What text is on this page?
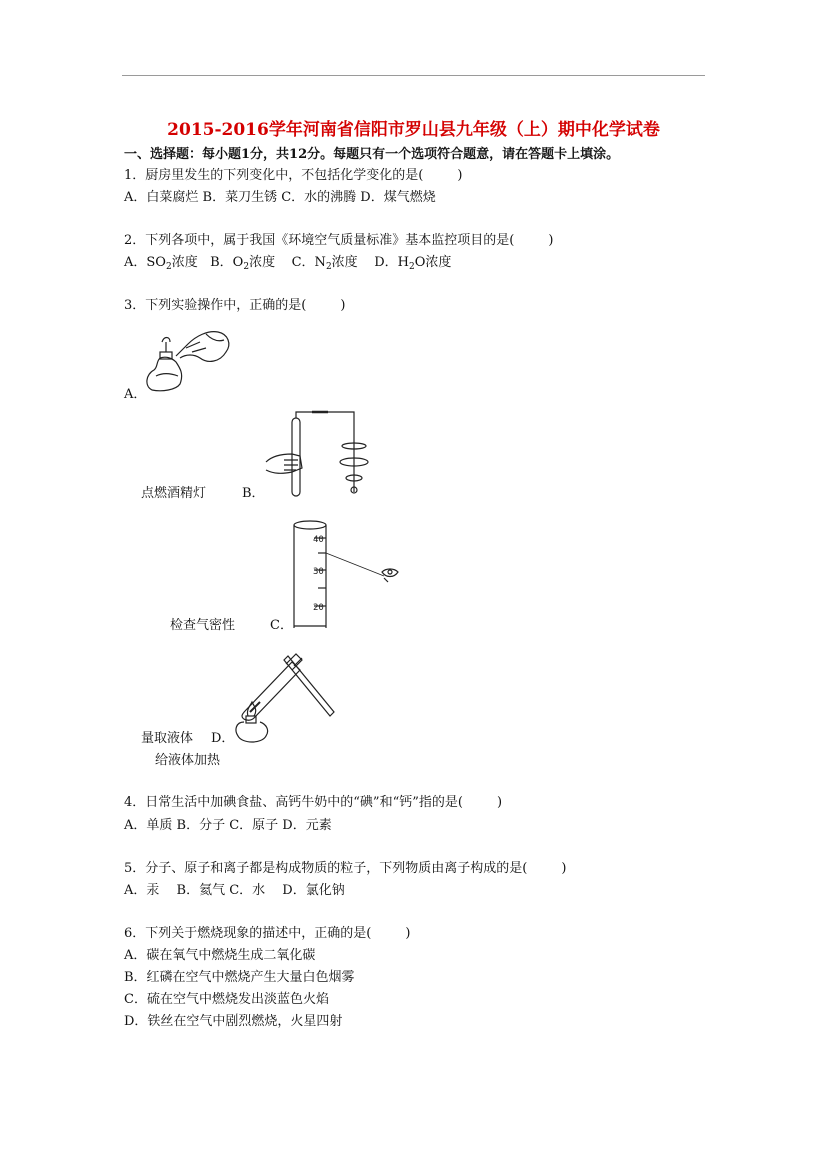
2015-2016学年河南省信阳市罗山县九年级（上）期中化学试卷
一、选择题：每小题1分，共12分。每题只有一个选项符合题意，请在答题卡上填涂。
1．厨房里发生的下列变化中，不包括化学变化的是(	)
A．白菜腐烂 B．菜刀生锈 C．水的沸腾 D．煤气燃烧
2．下列各项中，属于我国《环境空气质量标准》基本监控项目的是(	)
A．$SO_2$浓度 B．$O_2$浓度 C．$N_2$浓度 D．$H_2O$浓度
3．下列实验操作中，正确的是(	)
A．
点燃酒精灯	B．
40
30
20
检查气密性	C．
量取液体 D．
给液体加热
4．日常生活中加碘食盐、高钙牛奶中的“碘”和“钙”指的是(	)
A．单质 B．分子 C．原子 D．元素
5．分子、原子和离子都是构成物质的粒子，下列物质由离子构成的是(	)
A．汞　 B．氦气 C．水　 D．氯化钠
6．下列关于燃烧现象的描述中，正确的是(	)
A．碳在氧气中燃烧生成二氧化碳
B．红磷在空气中燃烧产生大量白色烟雾
C．硫在空气中燃烧发出淡蓝色火焰
D．铁丝在空气中剧烈燃烧，火星四射
